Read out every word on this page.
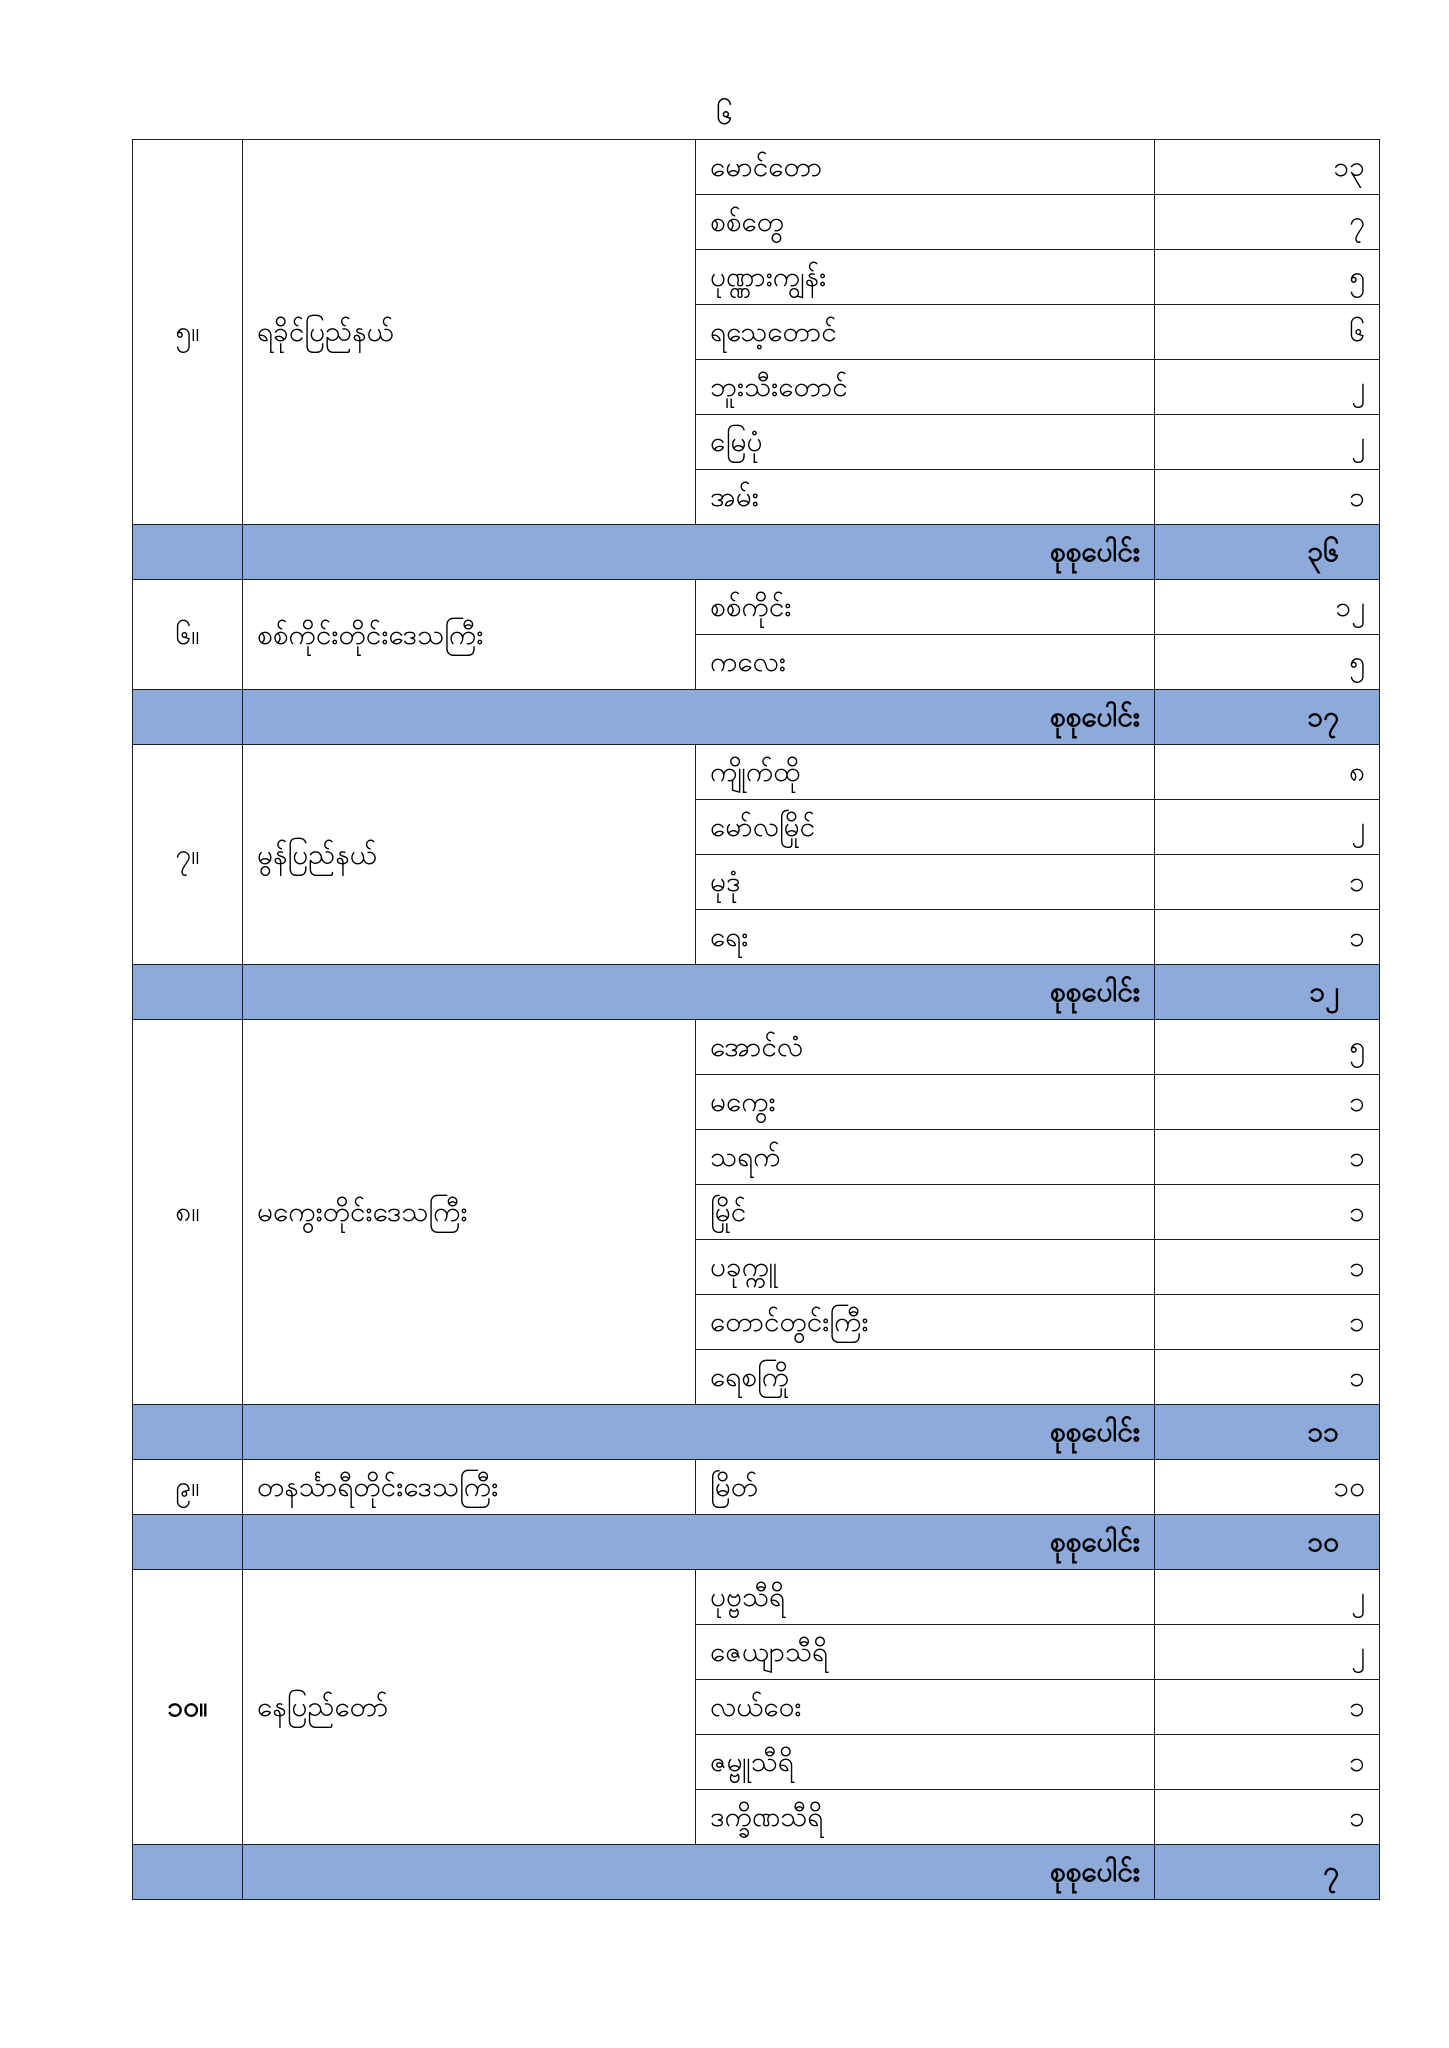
၆
၅။	ရခိုင်ပြည်နယ်	မောင်တော	၁၃
		စစ်တွေ	၇
		ပုဏ္ဏားကျွန်း	၅
		ရသေ့တောင်	၆
		ဘူးသီးတောင်	၂
		မြေပုံ	၂
		အမ်း	၁
	စုစုပေါင်း		၃၆
၆။	စစ်ကိုင်းတိုင်းဒေသကြီး	စစ်ကိုင်း	၁၂
		ကလေး	၅
	စုစုပေါင်း		၁၇
၇။	မွန်ပြည်နယ်	ကျိုက်ထို	၈
		မော်လမြိုင်	၂
		မုဒုံ	၁
		ရေး	၁
	စုစုပေါင်း		၁၂
၈။	မကွေးတိုင်းဒေသကြီး	အောင်လံ	၅
		မကွေး	၁
		သရက်	၁
		မြိုင်	၁
		ပခုက္ကူ	၁
		တောင်တွင်းကြီး	၁
		ရေစကြို	၁
	စုစုပေါင်း		၁၁
၉။	တနင်္သာရီတိုင်းဒေသကြီး	မြိတ်	၁၀
	စုစုပေါင်း		၁၀
၁၀။	နေပြည်တော်	ပုဗ္ဗသီရိ	၂
		ဇေယျာသီရိ	၂
		လယ်ဝေး	၁
		ဇမ္ဗူသီရိ	၁
		ဒက္ခိဏသီရိ	၁
	စုစုပေါင်း		၇
